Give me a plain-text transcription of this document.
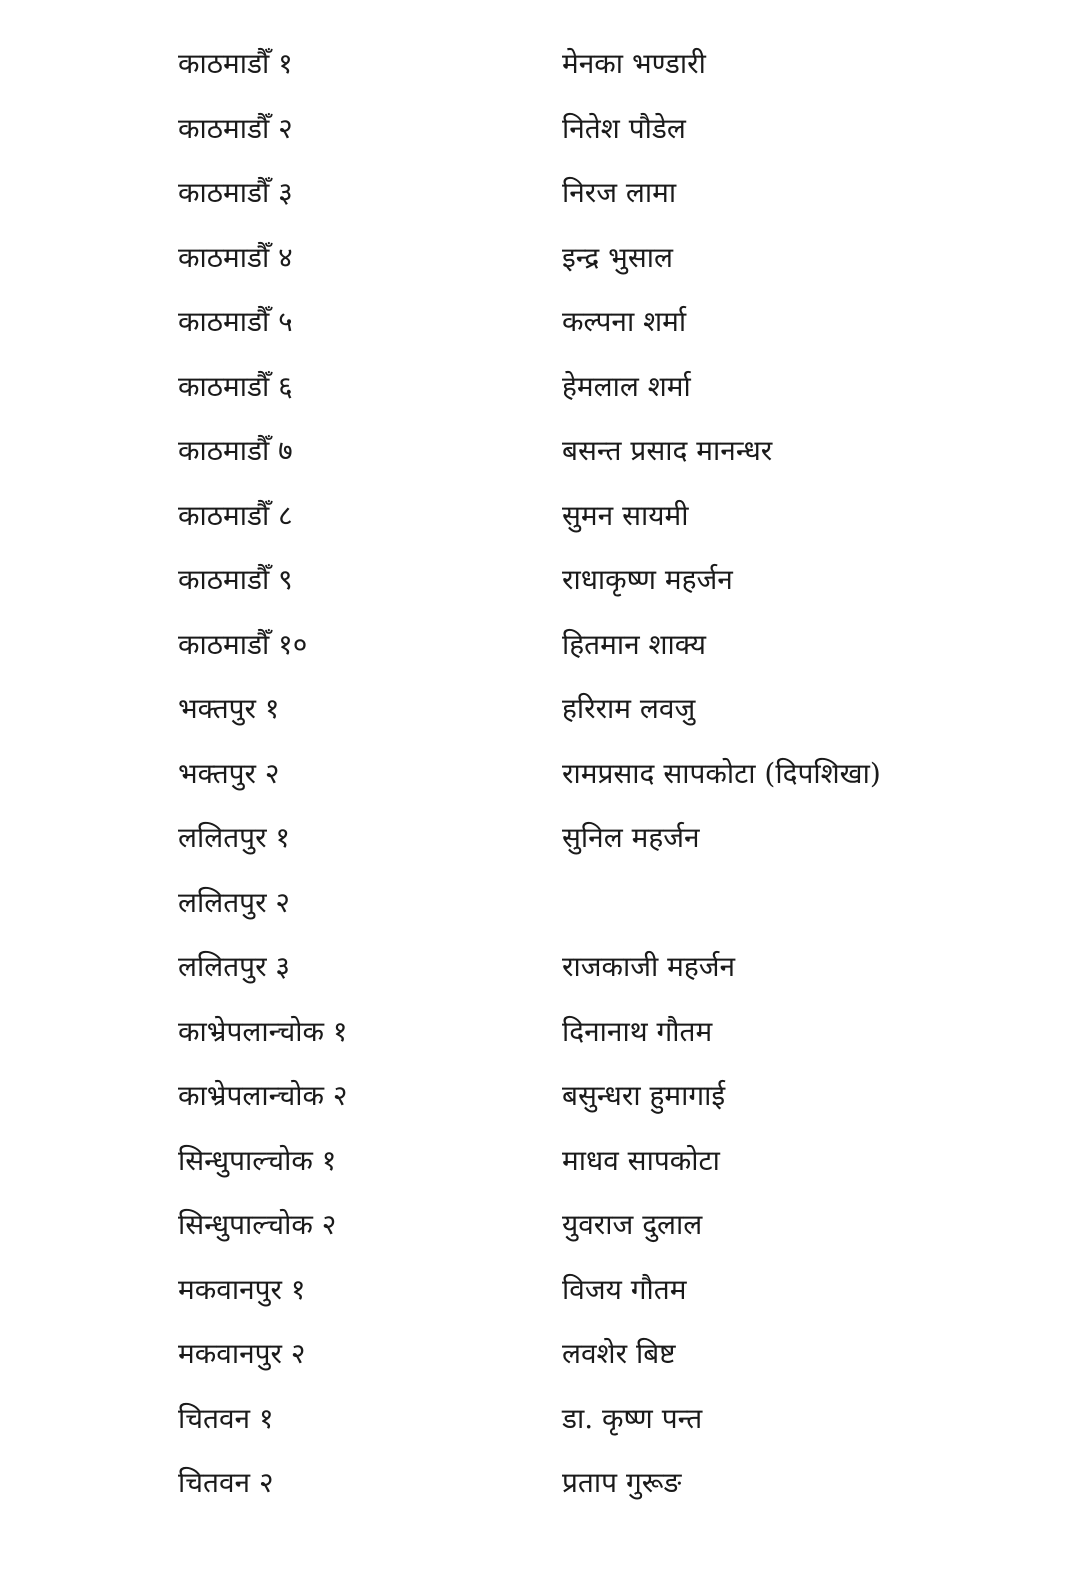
काठमाडौँ १	मेनका भण्डारी
काठमाडौँ २	नितेश पौडेल
काठमाडौँ ३	निरज लामा
काठमाडौँ ४	इन्द्र भुसाल
काठमाडौँ ५	कल्पना शर्मा
काठमाडौँ ६	हेमलाल शर्मा
काठमाडौँ ७	बसन्त प्रसाद मानन्धर
काठमाडौँ ८	सुमन सायमी
काठमाडौँ ९	राधाकृष्ण महर्जन
काठमाडौँ १०	हितमान शाक्य
भक्तपुर १	हरिराम लवजु
भक्तपुर २	रामप्रसाद सापकोटा (दिपशिखा)
ललितपुर १	सुनिल महर्जन
ललितपुर २
ललितपुर ३	राजकाजी महर्जन
काभ्रेपलान्चोक १	दिनानाथ गौतम
काभ्रेपलान्चोक २	बसुन्धरा हुमागाई
सिन्धुपाल्चोक १	माधव सापकोटा
सिन्धुपाल्चोक २	युवराज दुलाल
मकवानपुर १	विजय गौतम
मकवानपुर २	लवशेर बिष्ट
चितवन १	डा. कृष्ण पन्त
चितवन २	प्रताप गुरूङ
